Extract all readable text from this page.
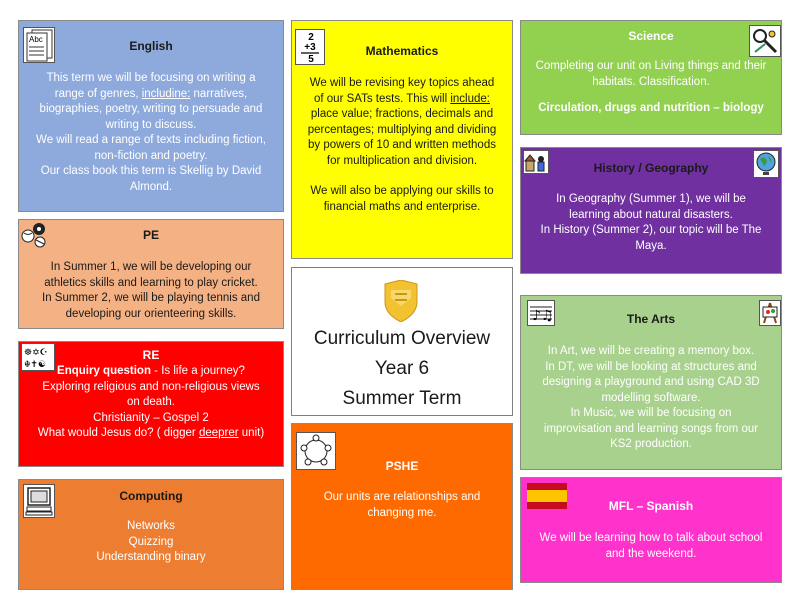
Abc	English
This term we will be focusing on writing a
range of genres, includine: narratives,
biographies, poetry, writing to persuade and
writing to discuss.
We will read a range of texts including fiction,
non-fiction and poetry.
Our class book this term is Skellig by David
Almond.
PE
In Summer 1, we will be developing our
athletics skills and learning to play cricket.
In Summer 2, we will be playing tennis and
developing our orienteering skills.
☸✡☪
☬✝☯
RE
Enquiry question - Is life a journey?
Exploring religious and non-religious views
on death.
Christianity – Gospel 2
What would Jesus do? ( digger deeprer unit)
Computing
Networks
Quizzing
Understanding binary
2
+3
5
Mathematics
We will be revising key topics ahead
of our SATs tests. This will include:
place value; fractions, decimals and
percentages; multiplying and dividing
by powers of 10 and written methods
for multiplication and division.
We will also be applying our skills to
financial maths and enterprise.
Curriculum Overview
Year 6
Summer Term
PSHE
Our units are relationships and
changing me.
Science
Completing our unit on Living things and their
habitats. Classification.
Circulation, drugs and nutrition – biology
History / Geography
In Geography (Summer 1), we will be
learning about natural disasters.
In History (Summer 2), our topic will be The
Maya.
♪♫	The Arts
In Art, we will be creating a memory box.
In DT, we will be looking at structures and
designing a playground and using CAD 3D
modelling software.
In Music, we will be focusing on
improvisation and learning songs from our
KS2 production.
MFL – Spanish
We will be learning how to talk about school
and the weekend.
